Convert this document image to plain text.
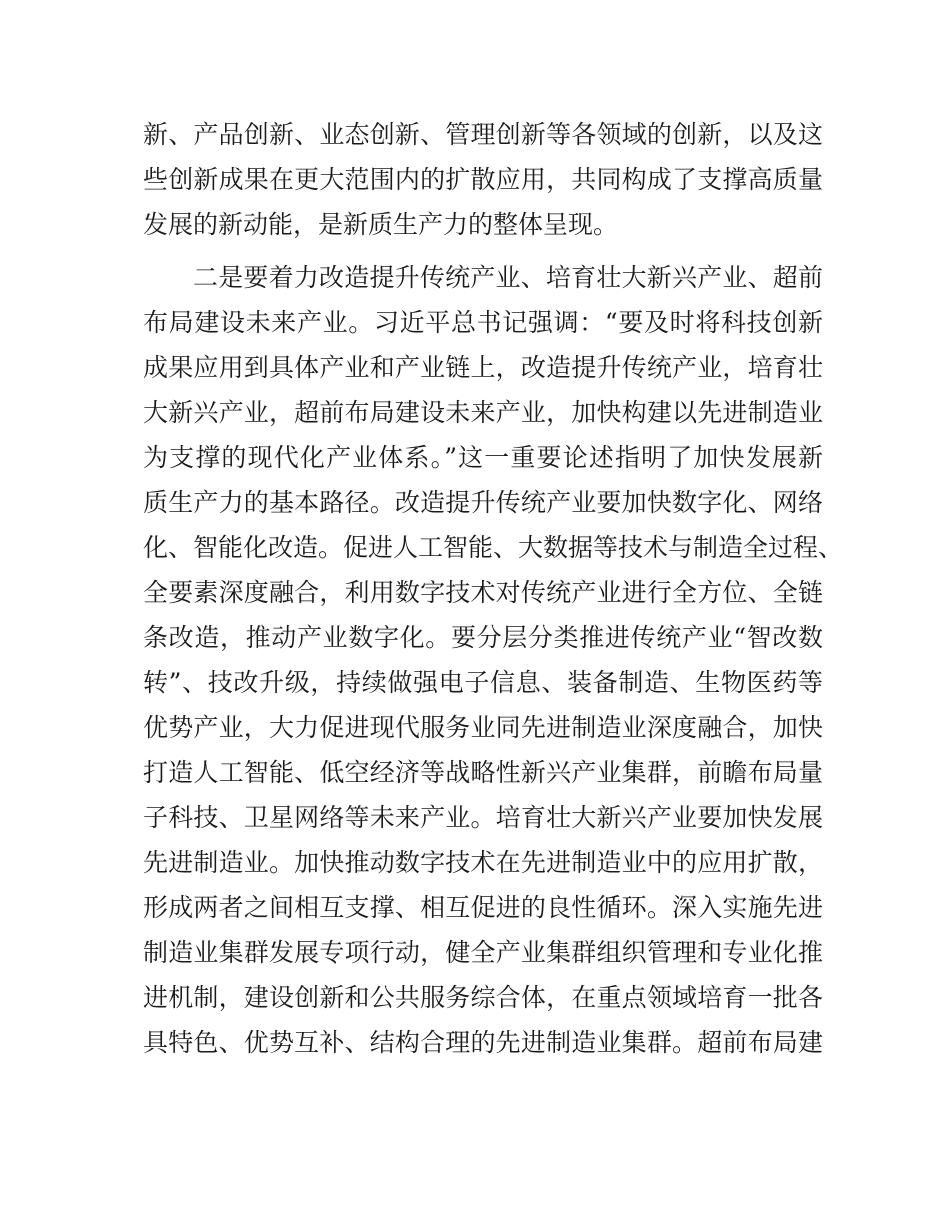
新、产品创新、业态创新、管理创新等各领域的创新，以及这
些创新成果在更大范围内的扩散应用，共同构成了支撑高质量
发展的新动能，是新质生产力的整体呈现。
二是要着力改造提升传统产业、培育壮大新兴产业、超前
布局建设未来产业。习近平总书记强调：“要及时将科技创新
成果应用到具体产业和产业链上，改造提升传统产业，培育壮
大新兴产业，超前布局建设未来产业，加快构建以先进制造业
为支撑的现代化产业体系。”这一重要论述指明了加快发展新
质生产力的基本路径。改造提升传统产业要加快数字化、网络
化、智能化改造。促进人工智能、大数据等技术与制造全过程、
全要素深度融合，利用数字技术对传统产业进行全方位、全链
条改造，推动产业数字化。要分层分类推进传统产业“智改数
转”、技改升级，持续做强电子信息、装备制造、生物医药等
优势产业，大力促进现代服务业同先进制造业深度融合，加快
打造人工智能、低空经济等战略性新兴产业集群，前瞻布局量
子科技、卫星网络等未来产业。培育壮大新兴产业要加快发展
先进制造业。加快推动数字技术在先进制造业中的应用扩散，
形成两者之间相互支撑、相互促进的良性循环。深入实施先进
制造业集群发展专项行动，健全产业集群组织管理和专业化推
进机制，建设创新和公共服务综合体，在重点领域培育一批各
具特色、优势互补、结构合理的先进制造业集群。超前布局建
